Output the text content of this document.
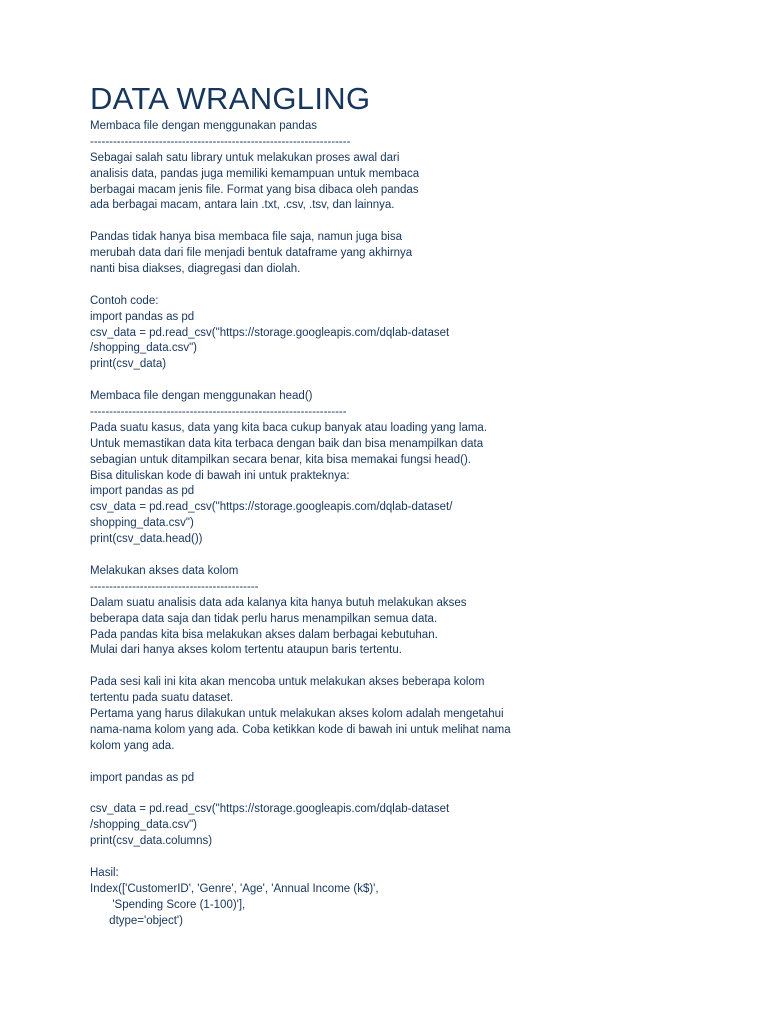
DATA WRANGLING
Membaca file dengan menggunakan pandas
--------------------------------------------------------------------
Sebagai salah satu library untuk melakukan proses awal dari
analisis data, pandas juga memiliki kemampuan untuk membaca
berbagai macam jenis file. Format yang bisa dibaca oleh pandas
ada berbagai macam, antara lain .txt, .csv, .tsv, dan lainnya.
Pandas tidak hanya bisa membaca file saja, namun juga bisa
merubah data dari file menjadi bentuk dataframe yang akhirnya
nanti bisa diakses, diagregasi dan diolah.
Contoh code:
import pandas as pd
csv_data = pd.read_csv("https://storage.googleapis.com/dqlab-dataset
/shopping_data.csv")
print(csv_data)
Membaca file dengan menggunakan head()
-------------------------------------------------------------------
Pada suatu kasus, data yang kita baca cukup banyak atau loading yang lama.
Untuk memastikan data kita terbaca dengan baik dan bisa menampilkan data
sebagian untuk ditampilkan secara benar, kita bisa memakai fungsi head().
Bisa dituliskan kode di bawah ini untuk prakteknya:
import pandas as pd
csv_data = pd.read_csv("https://storage.googleapis.com/dqlab-dataset/
shopping_data.csv")
print(csv_data.head())
Melakukan akses data kolom
--------------------------------------------
Dalam suatu analisis data ada kalanya kita hanya butuh melakukan akses
beberapa data saja dan tidak perlu harus menampilkan semua data.
Pada pandas kita bisa melakukan akses dalam berbagai kebutuhan.
Mulai dari hanya akses kolom tertentu ataupun baris tertentu.
Pada sesi kali ini kita akan mencoba untuk melakukan akses beberapa kolom
tertentu pada suatu dataset.
Pertama yang harus dilakukan untuk melakukan akses kolom adalah mengetahui
nama-nama kolom yang ada. Coba ketikkan kode di bawah ini untuk melihat nama
kolom yang ada.
import pandas as pd
csv_data = pd.read_csv("https://storage.googleapis.com/dqlab-dataset
/shopping_data.csv")
print(csv_data.columns)
Hasil:
Index(['CustomerID', 'Genre', 'Age', 'Annual Income (k$)',
'Spending Score (1-100)'],
dtype='object')
